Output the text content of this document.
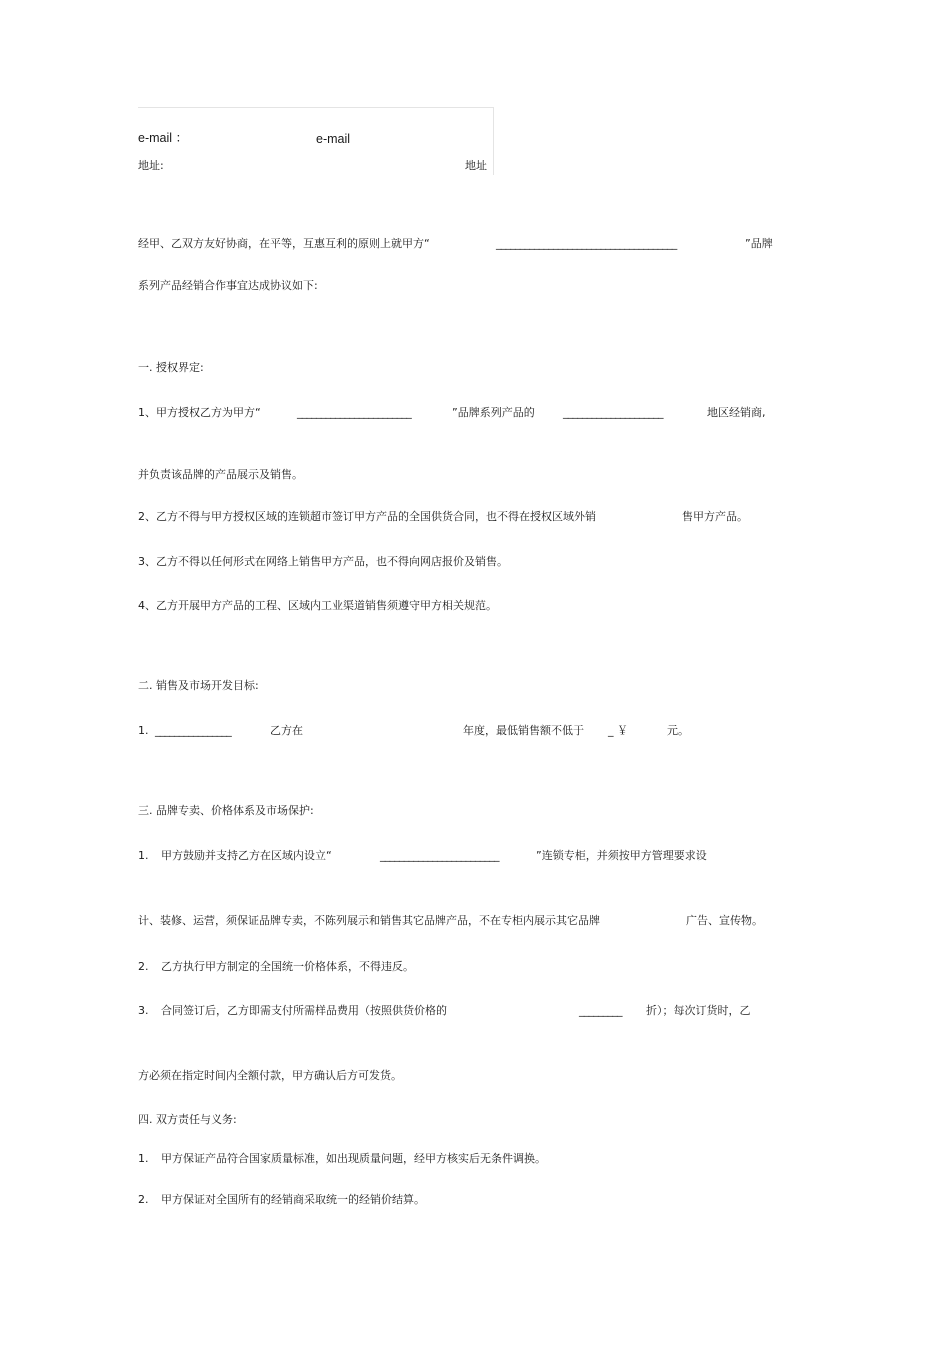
e-mail ：	e-mail
地址:	地址
经甲、乙双方友好协商，在平等，互惠互利的原则上就甲方“	______________________________________	”品牌
系列产品经销合作事宜达成协议如下:
一. 授权界定:
1、甲方授权乙方为甲方“	________________________	”品牌系列产品的	_____________________	地区经销商,
并负责该品牌的产品展示及销售。
2、乙方不得与甲方授权区域的连锁超市签订甲方产品的全国供货合同，也不得在授权区域外销	售甲方产品。
3、乙方不得以任何形式在网络上销售甲方产品，也不得向网店报价及销售。
4、乙方开展甲方产品的工程、区域内工业渠道销售须遵守甲方相关规范。
二. 销售及市场开发目标:
1. ________________	乙方在	年度，最低销售额不低于 _ ￥	元。
三. 品牌专卖、价格体系及市场保护:
1. 甲方鼓励并支持乙方在区域内设立“	_________________________	”连锁专柜，并须按甲方管理要求设
计、装修、运营，须保证品牌专卖，不陈列展示和销售其它品牌产品，不在专柜内展示其它品牌	广告、宣传物。
2. 乙方执行甲方制定的全国统一价格体系，不得违反。
3. 合同签订后，乙方即需支付所需样品费用（按照供货价格的	_________ 折）；每次订货时，乙
方必须在指定时间内全额付款，甲方确认后方可发货。
四. 双方责任与义务:
1. 甲方保证产品符合国家质量标准，如出现质量问题，经甲方核实后无条件调换。
2. 甲方保证对全国所有的经销商采取统一的经销价结算。
